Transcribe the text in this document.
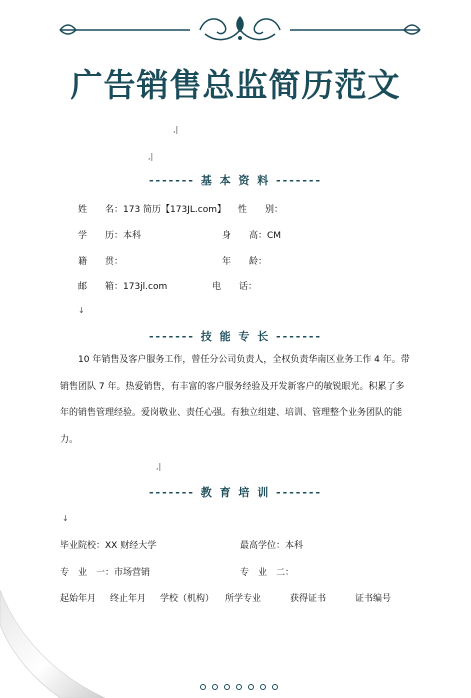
广告销售总监简历范文
,|
,|
------- 基 本 资 料 -------
姓　　名：173 简历【173JL.com】 性　　别：
学　　历：本科	身　　高：CM
籍　　贯：	年　　龄：
邮　　箱：173jl.com	电　　话：
↓
------- 技 能 专 长 -------
10 年销售及客户服务工作，曾任分公司负责人，全权负责华南区业务工作 4 年。带销售团队 7 年。热爱销售，有丰富的客户服务经验及开发新客户的敏锐眼光。积累了多年的销售管理经验。爱岗敬业、责任心强。有独立组建、培训、管理整个业务团队的能力。
,|
------- 教 育 培 训 -------
↓
毕业院校：XX 财经大学	最高学位：本科
专　业　一：市场营销	专　业　二：
起始年月 终止年月 学校（机构） 所学专业	获得证书	证书编号
